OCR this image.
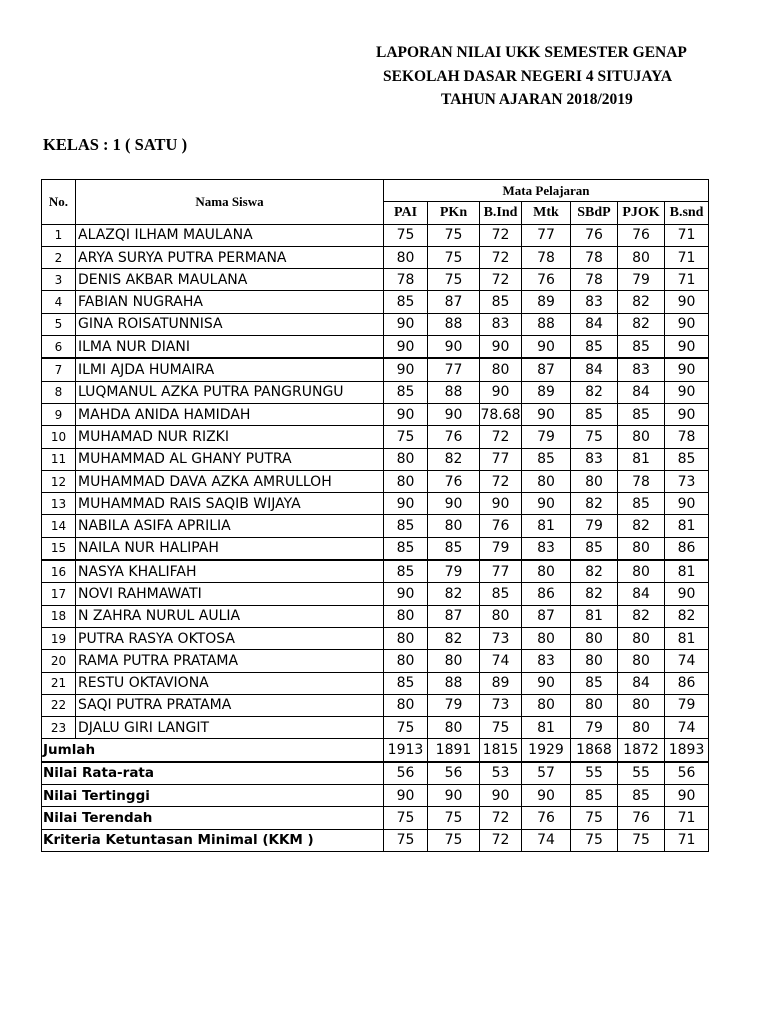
LAPORAN NILAI UKK SEMESTER GENAP
SEKOLAH DASAR NEGERI 4 SITUJAYA
TAHUN AJARAN 2018/2019
KELAS : 1 ( SATU )
No.	Nama Siswa	Mata Pelajaran						
		PAI	PKn	B.Ind	Mtk	SBdP	PJOK	B.snd
1	ALAZQI ILHAM MAULANA	75	75	72	77	76	76	71
2	ARYA SURYA PUTRA PERMANA	80	75	72	78	78	80	71
3	DENIS AKBAR MAULANA	78	75	72	76	78	79	71
4	FABIAN NUGRAHA	85	87	85	89	83	82	90
5	GINA ROISATUNNISA	90	88	83	88	84	82	90
6	ILMA NUR DIANI	90	90	90	90	85	85	90
7	ILMI AJDA HUMAIRA	90	77	80	87	84	83	90
8	LUQMANUL AZKA PUTRA PANGRUNGU	85	88	90	89	82	84	90
9	MAHDA ANIDA HAMIDAH	90	90	78.68	90	85	85	90
10	MUHAMAD NUR RIZKI	75	76	72	79	75	80	78
11	MUHAMMAD AL GHANY PUTRA	80	82	77	85	83	81	85
12	MUHAMMAD DAVA AZKA AMRULLOH	80	76	72	80	80	78	73
13	MUHAMMAD RAIS SAQIB WIJAYA	90	90	90	90	82	85	90
14	NABILA ASIFA APRILIA	85	80	76	81	79	82	81
15	NAILA NUR HALIPAH	85	85	79	83	85	80	86
16	NASYA KHALIFAH	85	79	77	80	82	80	81
17	NOVI RAHMAWATI	90	82	85	86	82	84	90
18	N ZAHRA NURUL AULIA	80	87	80	87	81	82	82
19	PUTRA RASYA OKTOSA	80	82	73	80	80	80	81
20	RAMA PUTRA PRATAMA	80	80	74	83	80	80	74
21	RESTU OKTAVIONA	85	88	89	90	85	84	86
22	SAQI PUTRA PRATAMA	80	79	73	80	80	80	79
23	DJALU GIRI LANGIT	75	80	75	81	79	80	74
Jumlah		1913	1891	1815	1929	1868	1872	1893
Nilai Rata-rata		56	56	53	57	55	55	56
Nilai Tertinggi		90	90	90	90	85	85	90
Nilai Terendah		75	75	72	76	75	76	71
Kriteria Ketuntasan Minimal (KKM )		75	75	72	74	75	75	71
